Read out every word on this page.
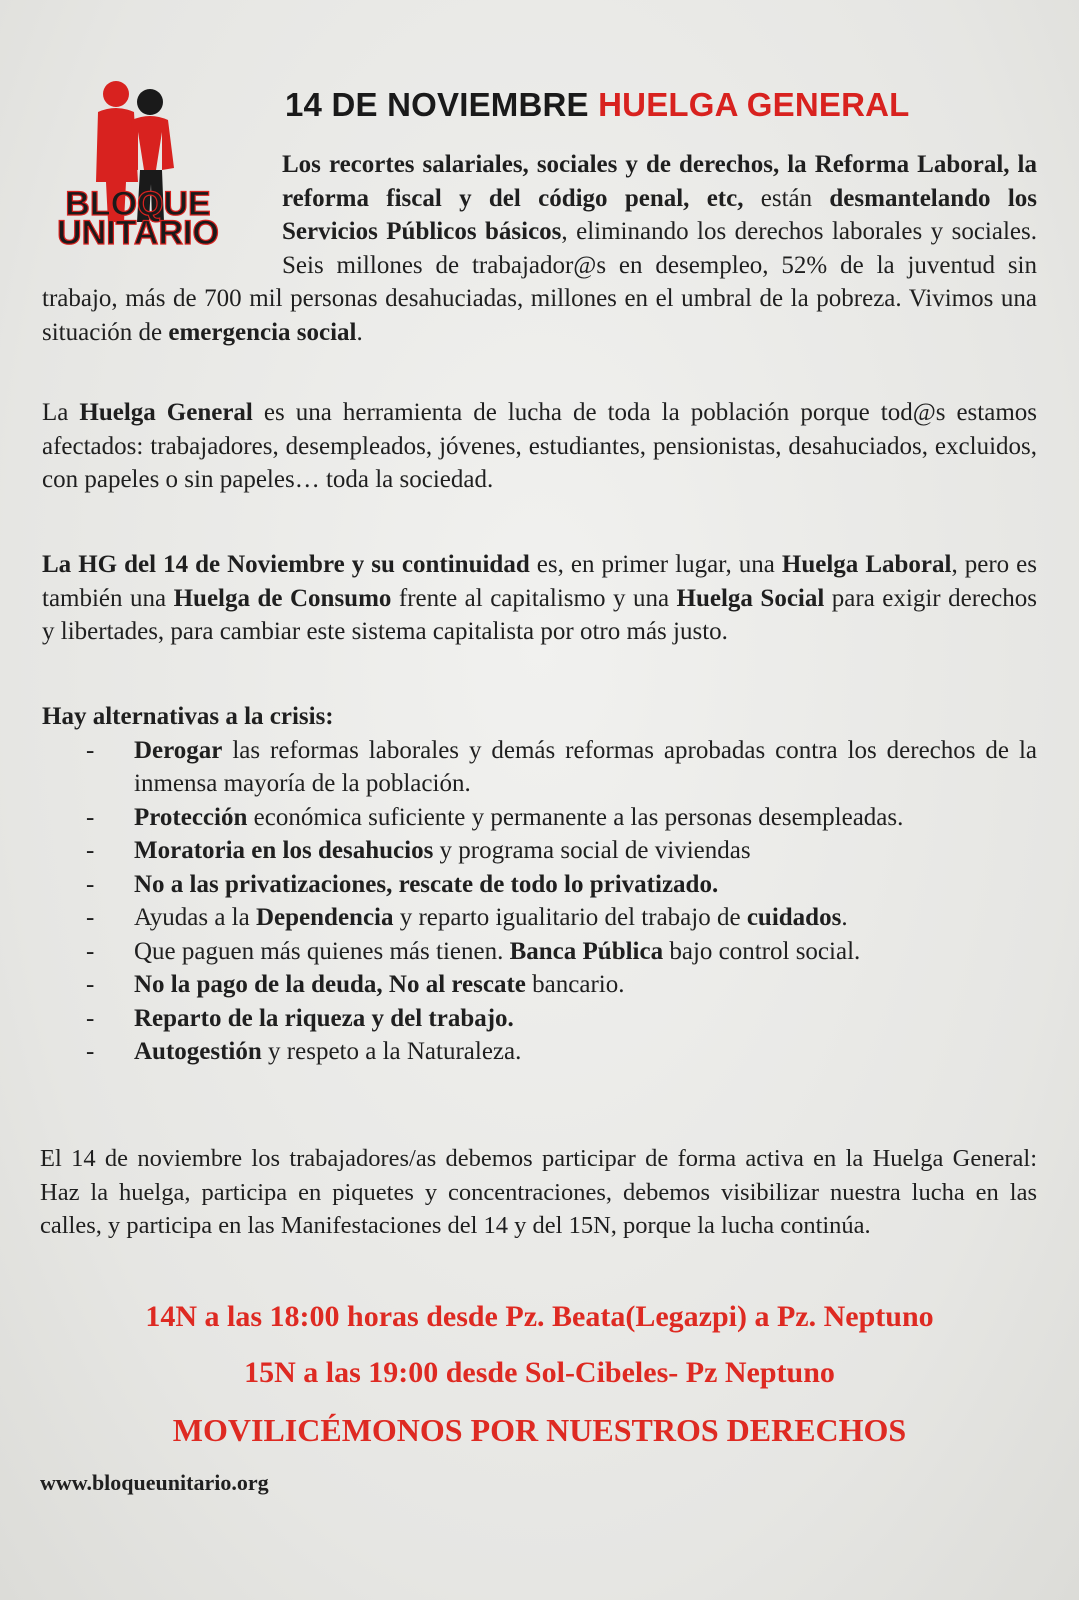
BLOQUE
UNITARIO
14 DE NOVIEMBRE HUELGA GENERAL
Los recortes salariales, sociales y de derechos, la Reforma Laboral, la reforma fiscal y del código penal, etc, están desmantelando los Servicios Públicos básicos, eliminando los derechos laborales y sociales. Seis millones de trabajador@s en desempleo, 52% de la juventud sin trabajo, más de 700 mil personas desahuciadas, millones en el umbral de la pobreza. Vivimos una situación de emergencia social.

La Huelga General es una herramienta de lucha de toda la población porque tod@s estamos afectados: trabajadores, desempleados, jóvenes, estudiantes, pensionistas, desahuciados, excluidos, con papeles o sin papeles… toda la sociedad.

La HG del 14 de Noviembre y su continuidad es, en primer lugar, una Huelga Laboral, pero es también una Huelga de Consumo frente al capitalismo y una Huelga Social para exigir derechos y libertades, para cambiar este sistema capitalista por otro más justo.

Hay alternativas a la crisis:
- Derogar las reformas laborales y demás reformas aprobadas contra los derechos de la inmensa mayoría de la población.
- Protección económica suficiente y permanente a las personas desempleadas.
- Moratoria en los desahucios y programa social de viviendas
- No a las privatizaciones, rescate de todo lo privatizado.
- Ayudas a la Dependencia y reparto igualitario del trabajo de cuidados.
- Que paguen más quienes más tienen. Banca Pública bajo control social.
- No la pago de la deuda, No al rescate bancario.
- Reparto de la riqueza y del trabajo.
- Autogestión y respeto a la Naturaleza.

El 14 de noviembre los trabajadores/as debemos participar de forma activa en la Huelga General: Haz la huelga, participa en piquetes y concentraciones, debemos visibilizar nuestra lucha en las calles, y participa en las Manifestaciones del 14 y del 15N, porque la lucha continúa.

14N a las 18:00 horas desde Pz. Beata(Legazpi) a Pz. Neptuno
15N a las 19:00 desde Sol-Cibeles- Pz Neptuno
MOVILICÉMONOS POR NUESTROS DERECHOS
www.bloqueunitario.org
